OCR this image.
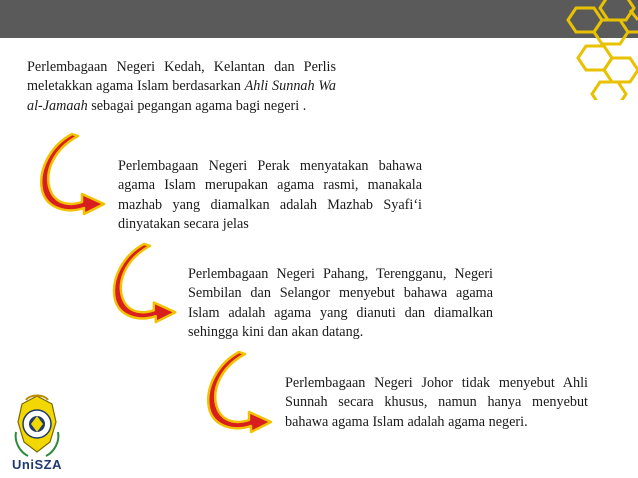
Perlembagaan Negeri Kedah, Kelantan dan Perlis meletakkan agama Islam berdasarkan Ahli Sunnah Wa al-Jamaah sebagai pegangan agama bagi negeri .
Perlembagaan Negeri Perak menyatakan bahawa agama Islam merupakan agama rasmi, manakala mazhab yang diamalkan adalah Mazhab Syafi‘i dinyatakan secara jelas
Perlembagaan Negeri Pahang, Terengganu, Negeri Sembilan dan Selangor menyebut bahawa agama Islam adalah agama yang dianuti dan diamalkan sehingga kini dan akan datang.
Perlembagaan Negeri Johor tidak menyebut Ahli Sunnah secara khusus, namun hanya menyebut bahawa agama Islam adalah agama negeri.
UniSZA
